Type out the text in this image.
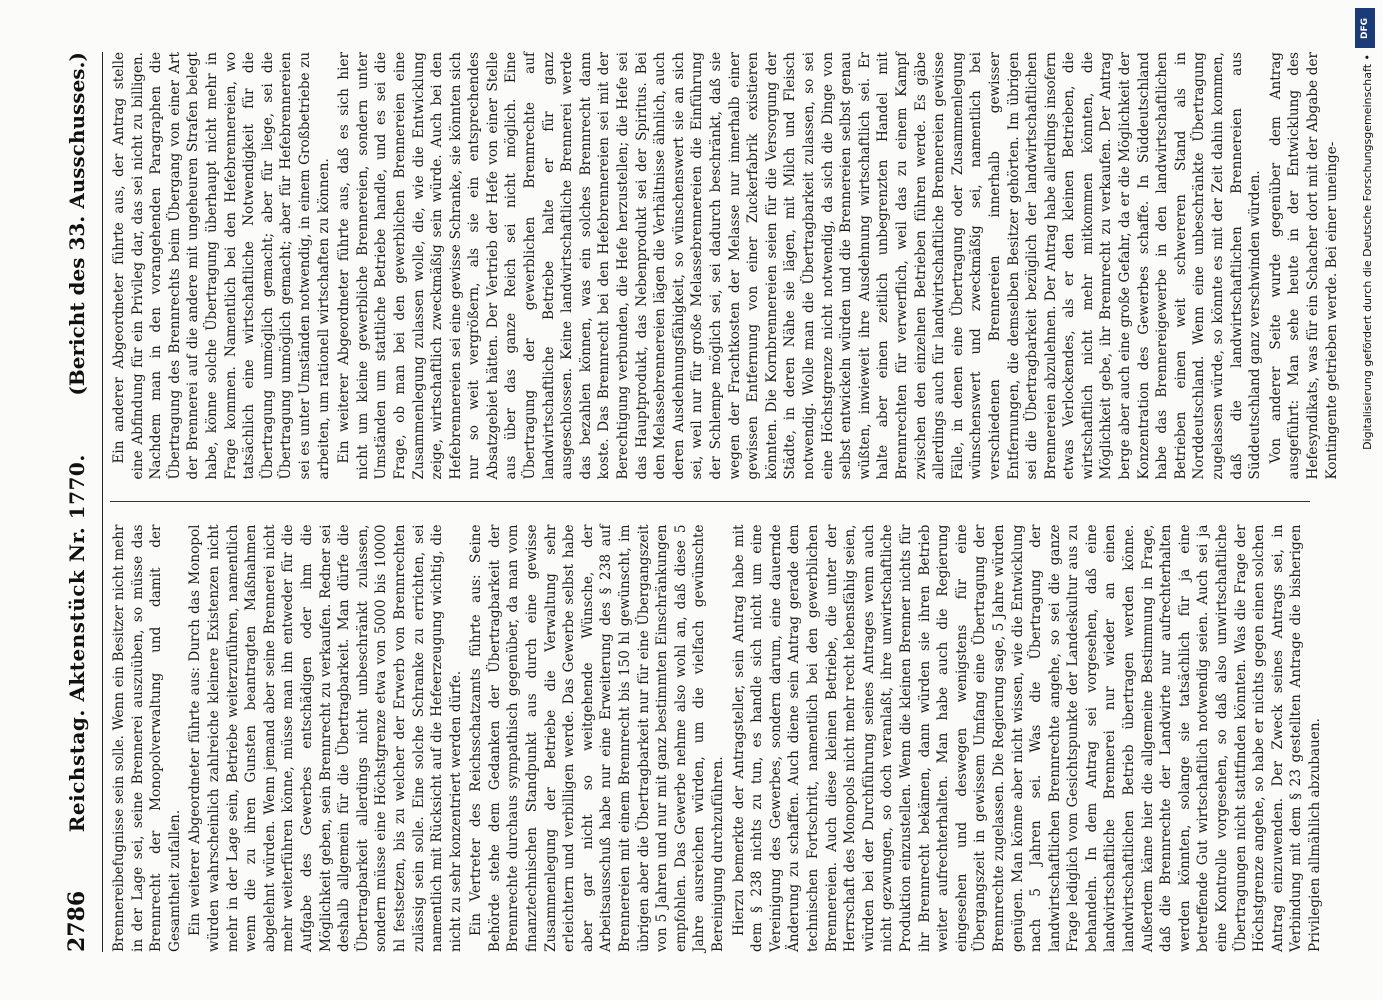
2786
Reichstag. Aktenstück Nr. 1770.
(Bericht des 33. Ausschusses.)

Brennereibefugnisse sein solle. Wenn ein Besitzer nicht mehr in der Lage sei, seine Brennerei auszuüben, so müsse das Brennrecht der Monopolverwaltung und damit der Gesamtheit zufallen. Ein weiterer Abgeordneter führte aus: Durch das Monopol würden wahrscheinlich zahlreiche kleinere Existenzen nicht mehr in der Lage sein, Betriebe weiterzuführen, namentlich wenn die zu ihren Gunsten beantragten Maßnahmen abgelehnt würden. Wenn jemand aber seine Brennerei nicht mehr weiterführen könne, müsse man ihn entweder für die Aufgabe des Gewerbes entschädigen oder ihm die Möglichkeit geben, sein Brennrecht zu verkaufen. Redner sei deshalb allgemein für die Übertragbarkeit. Man dürfe die Übertragbarkeit allerdings nicht unbeschränkt zulassen, sondern müsse eine Höchstgrenze etwa von 5000 bis 10000 hl festsetzen, bis zu welcher der Erwerb von Brennrechten zulässig sein solle. Eine solche Schranke zu errichten, sei namentlich mit Rücksicht auf die Hefeerzeugung wichtig, die nicht zu sehr konzentriert werden dürfe. Ein Vertreter des Reichsschatzamts führte aus: Seine Behörde stehe dem Gedanken der Übertragbarkeit der Brennrechte durchaus sympathisch gegenüber, da man vom finanztechnischen Standpunkt aus durch eine gewisse Zusammenlegung der Betriebe die Verwaltung sehr erleichtern und verbilligen werde. Das Gewerbe selbst habe aber gar nicht so weitgehende Wünsche, der Arbeitsausschuß habe nur eine Erweiterung des § 238 auf Brennereien mit einem Brennrecht bis 150 hl gewünscht, im übrigen aber die Übertragbarkeit nur für eine Übergangszeit von 5 Jahren und nur mit ganz bestimmten Einschränkungen empfohlen. Das Gewerbe nehme also wohl an, daß diese 5 Jahre ausreichen würden, um die vielfach gewünschte Bereinigung durchzuführen. Hierzu bemerkte der Antragsteller, sein Antrag habe mit dem § 238 nichts zu tun, es handle sich nicht um eine Vereinigung des Gewerbes, sondern darum, eine dauernde Änderung zu schaffen. Auch diene sein Antrag gerade dem technischen Fortschritt, namentlich bei den gewerblichen Brennereien. Auch diese kleinen Betriebe, die unter der Herrschaft des Monopols nicht mehr recht lebensfähig seien, würden bei der Durchführung seines Antrages wenn auch nicht gezwungen, so doch veranlaßt, ihre unwirtschaftliche Produktion einzustellen. Wenn die kleinen Brenner nichts für ihr Brennrecht bekämen, dann würden sie ihren Betrieb weiter aufrechterhalten. Man habe auch die Regierung eingesehen und deswegen wenigstens für eine Übergangszeit in gewissem Umfang eine Übertragung der Brennrechte zugelassen. Die Regierung sage, 5 Jahre würden genügen. Man könne aber nicht wissen, wie die Entwicklung nach 5 Jahren sei. Was die Übertragung der landwirtschaftlichen Brennrechte angehe, so sei die ganze Frage lediglich vom Gesichtspunkte der Landeskultur aus zu behandeln. In dem Antrag sei vorgesehen, daß eine landwirtschaftliche Brennerei nur wieder an einen landwirtschaftlichen Betrieb übertragen werden könne. Außerdem käme hier die allgemeine Bestimmung in Frage, daß die Brennrechte der Landwirte nur aufrechterhalten werden könnten, solange sie tatsächlich für ja eine betreffende Gut wirtschaftlich notwendig seien. Auch sei ja eine Kontrolle vorgesehen, so daß also unwirtschaftliche Übertragungen nicht stattfinden könnten. Was die Frage der Höchstgrenze angehe, so habe er nichts gegen einen solchen Antrag einzuwenden. Der Zweck seines Antrags sei, in Verbindung mit dem § 23 gestellten Antrage die bisherigen Privilegien allmählich abzubauen.

Ein anderer Abgeordneter führte aus, der Antrag stelle eine Abfindung für ein Privileg dar, das sei nicht zu billigen. Nachdem man in den vorangehenden Paragraphen die Übertragung des Brennrechts beim Übergang von einer Art der Brennerei auf die andere mit ungeheuren Strafen belegt habe, könne solche Übertragung überhaupt nicht mehr in Frage kommen. Namentlich bei den Hefebrennereien, wo tatsächlich eine wirtschaftliche Notwendigkeit für die Übertragung unmöglich gemacht; aber für liege, sei die Übertragung unmöglich gemacht; aber für Hefebrennereien sei es unter Umständen notwendig, in einem Großbetriebe zu arbeiten, um rationell wirtschaften zu können. Ein weiterer Abgeordneter führte aus, daß es sich hier nicht um kleine gewerbliche Brennereien, sondern unter Umständen um stattliche Betriebe handle, und es sei die Frage, ob man bei den gewerblichen Brennereien eine Zusammenlegung zulassen wolle, die, wie die Entwicklung zeige, wirtschaftlich zweckmäßig sein würde. Auch bei den Hefebrennereien sei eine gewisse Schranke, sie könnten sich nur so weit vergrößern, als sie ein entsprechendes Absatzgebiet hätten. Der Vertrieb der Hefe von einer Stelle aus über das ganze Reich sei nicht möglich. Eine Übertragung der gewerblichen Brennrechte auf landwirtschaftliche Betriebe halte er für ganz ausgeschlossen. Keine landwirtschaftliche Brennerei werde das bezahlen können, was ein solches Brennrecht dann koste. Das Brennrecht bei den Hefebrennereien sei mit der Berechtigung verbunden, die Hefe herzustellen; die Hefe sei das Hauptprodukt, das Nebenprodukt sei der Spiritus. Bei den Melassebrennereien lägen die Verhältnisse ähnlich, auch deren Ausdehnungsfähigkeit, so wünschenswert sie an sich sei, weil nur für große Melassebrennereien die Einführung der Schlempe möglich sei, sei dadurch beschränkt, daß sie wegen der Frachtkosten der Melasse nur innerhalb einer gewissen Entfernung von einer Zuckerfabrik existieren könnten. Die Kornbrennereien seien für die Versorgung der Städte, in deren Nähe sie lägen, mit Milch und Fleisch notwendig. Wolle man die Übertragbarkeit zulassen, so sei eine Höchstgrenze nicht notwendig, da sich die Dinge von selbst entwickeln würden und die Brennereien selbst genau wüßten, inwieweit ihre Ausdehnung wirtschaftlich sei. Er halte aber einen zeitlich unbegrenzten Handel mit Brennrechten für verwerflich, weil das zu einem Kampf zwischen den einzelnen Betrieben führen werde. Es gäbe allerdings auch für landwirtschaftliche Brennereien gewisse Fälle, in denen eine Übertragung oder Zusammenlegung wünschenswert und zweckmäßig sei, namentlich bei verschiedenen Brennereien innerhalb gewisser Entfernungen, die demselben Besitzer gehörten. Im übrigen sei die Übertragbarkeit bezüglich der landwirtschaftlichen Brennereien abzulehnen. Der Antrag habe allerdings insofern etwas Verlockendes, als er den kleinen Betrieben, die wirtschaftlich nicht mehr mitkommen könnten, die Möglichkeit gebe, ihr Brennrecht zu verkaufen. Der Antrag berge aber auch eine große Gefahr, da er die Möglichkeit der Konzentration des Gewerbes schaffe. In Süddeutschland habe das Brennereigewerbe in den landwirtschaftlichen Betrieben einen weit schwereren Stand als in Norddeutschland. Wenn eine unbeschränkte Übertragung zugelassen würde, so könnte es mit der Zeit dahin kommen, daß die landwirtschaftlichen Brennereien aus Süddeutschland ganz verschwinden würden. Von anderer Seite wurde gegenüber dem Antrag ausgeführt: Man sehe heute in der Entwicklung des Hefesyndikats, was für ein Schacher dort mit der Abgabe der Kontingente getrieben werde. Bei einer uneinge-

DFG
Digitalisierung gefördert durch die Deutsche Forschungsgemeinschaft •
